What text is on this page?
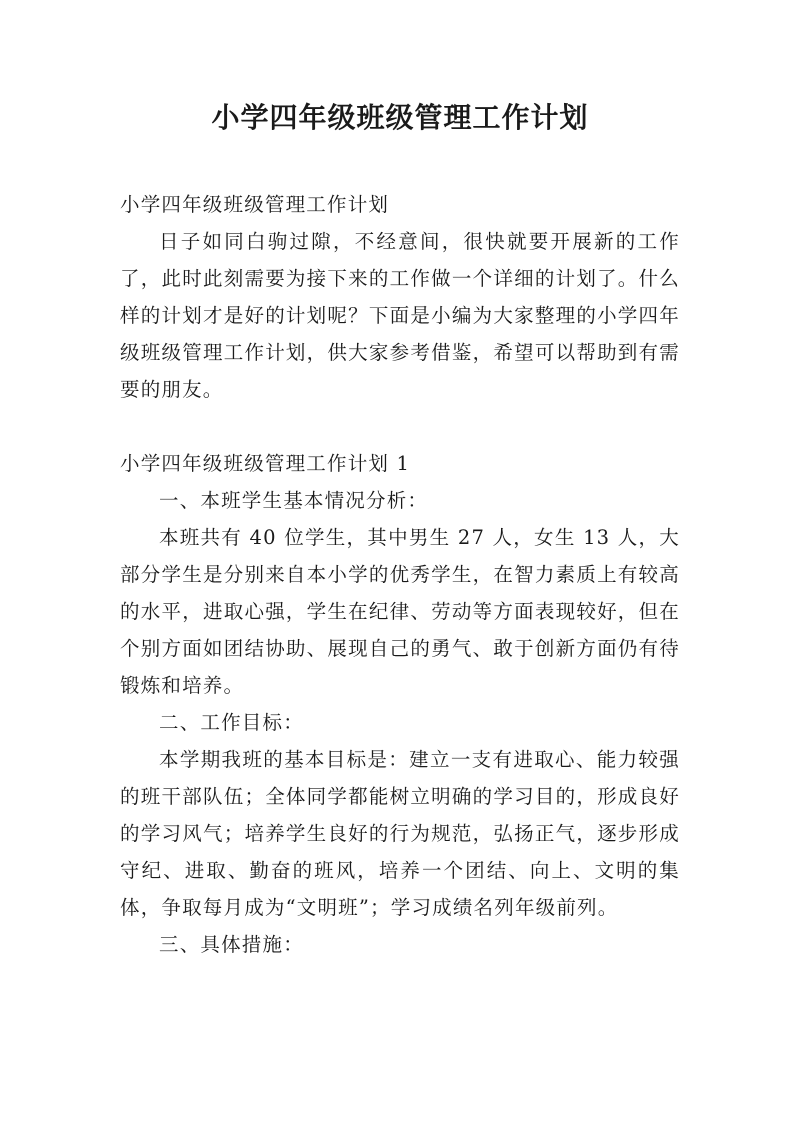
小学四年级班级管理工作计划

小学四年级班级管理工作计划

日子如同白驹过隙，不经意间，很快就要开展新的工作了，此时此刻需要为接下来的工作做一个详细的计划了。什么样的计划才是好的计划呢？下面是小编为大家整理的小学四年级班级管理工作计划，供大家参考借鉴，希望可以帮助到有需要的朋友。

小学四年级班级管理工作计划 1

一、本班学生基本情况分析：

本班共有 40 位学生，其中男生 27 人，女生 13 人，大部分学生是分别来自本小学的优秀学生，在智力素质上有较高的水平，进取心强，学生在纪律、劳动等方面表现较好，但在个别方面如团结协助、展现自己的勇气、敢于创新方面仍有待锻炼和培养。

二、工作目标：

本学期我班的基本目标是：建立一支有进取心、能力较强的班干部队伍；全体同学都能树立明确的学习目的，形成良好的学习风气；培养学生良好的行为规范，弘扬正气，逐步形成守纪、进取、勤奋的班风，培养一个团结、向上、文明的集体，争取每月成为“文明班”；学习成绩名列年级前列。

三、具体措施：
